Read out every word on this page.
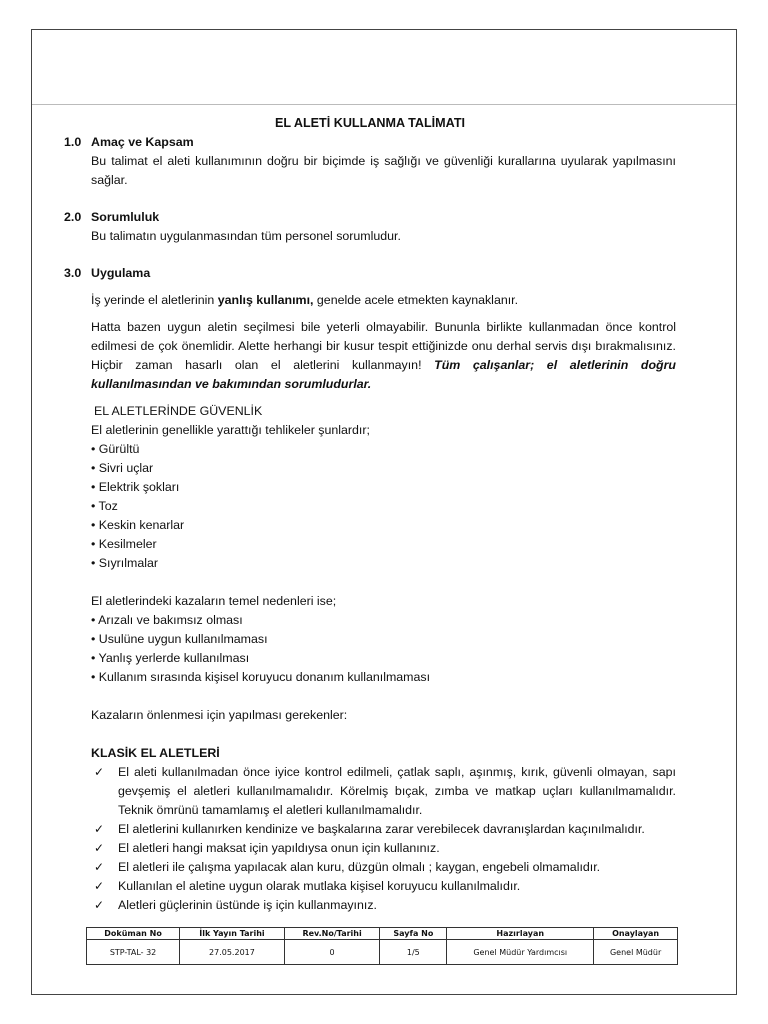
EL ALETİ KULLANMA TALİMATI

1.0 Amaç ve Kapsam

Bu talimat el aleti kullanımının doğru bir biçimde iş sağlığı ve güvenliği kurallarına uyularak yapılmasını sağlar.

2.0 Sorumluluk

Bu talimatın uygulanmasından tüm personel sorumludur.

3.0 Uygulama

İş yerinde el aletlerinin yanlış kullanımı, genelde acele etmekten kaynaklanır.

Hatta bazen uygun aletin seçilmesi bile yeterli olmayabilir. Bununla birlikte kullanmadan önce kontrol edilmesi de çok önemlidir. Alette herhangi bir kusur tespit ettiğinizde onu derhal servis dışı bırakmalısınız. Hiçbir zaman hasarlı olan el aletlerini kullanmayın! Tüm çalışanlar; el aletlerinin doğru kullanılmasından ve bakımından sorumludurlar.

EL ALETLERİNDE GÜVENLİK

El aletlerinin genellikle yarattığı tehlikeler şunlardır;

• Gürültü
• Sivri uçlar
• Elektrik şokları
• Toz
• Keskin kenarlar
• Kesilmeler
• Sıyrılmalar

El aletlerindeki kazaların temel nedenleri ise;

• Arızalı ve bakımsız olması
• Usulüne uygun kullanılmaması
• Yanlış yerlerde kullanılması
• Kullanım sırasında kişisel koruyucu donanım kullanılmaması

Kazaların önlenmesi için yapılması gerekenler:

KLASİK EL ALETLERİ

✓ El aleti kullanılmadan önce iyice kontrol edilmeli, çatlak saplı, aşınmış, kırık, güvenli olmayan, sapı gevşemiş el aletleri kullanılmamalıdır. Körelmiş bıçak, zımba ve matkap uçları kullanılmamalıdır. Teknik ömrünü tamamlamış el aletleri kullanılmamalıdır.
✓ El aletlerini kullanırken kendinize ve başkalarına zarar verebilecek davranışlardan kaçınılmalıdır.
✓ El aletleri hangi maksat için yapıldıysa onun için kullanınız.
✓ El aletleri ile çalışma yapılacak alan kuru, düzgün olmalı ; kaygan, engebeli olmamalıdır.
✓ Kullanılan el aletine uygun olarak mutlaka kişisel koruyucu kullanılmalıdır.
✓ Aletleri güçlerinin üstünde iş için kullanmayınız.
Doküman No	İlk Yayın Tarihi	Rev.No/Tarihi	Sayfa No	Hazırlayan	Onaylayan
STP-TAL- 32	27.05.2017	0	1/5	Genel Müdür Yardımcısı	Genel Müdür
